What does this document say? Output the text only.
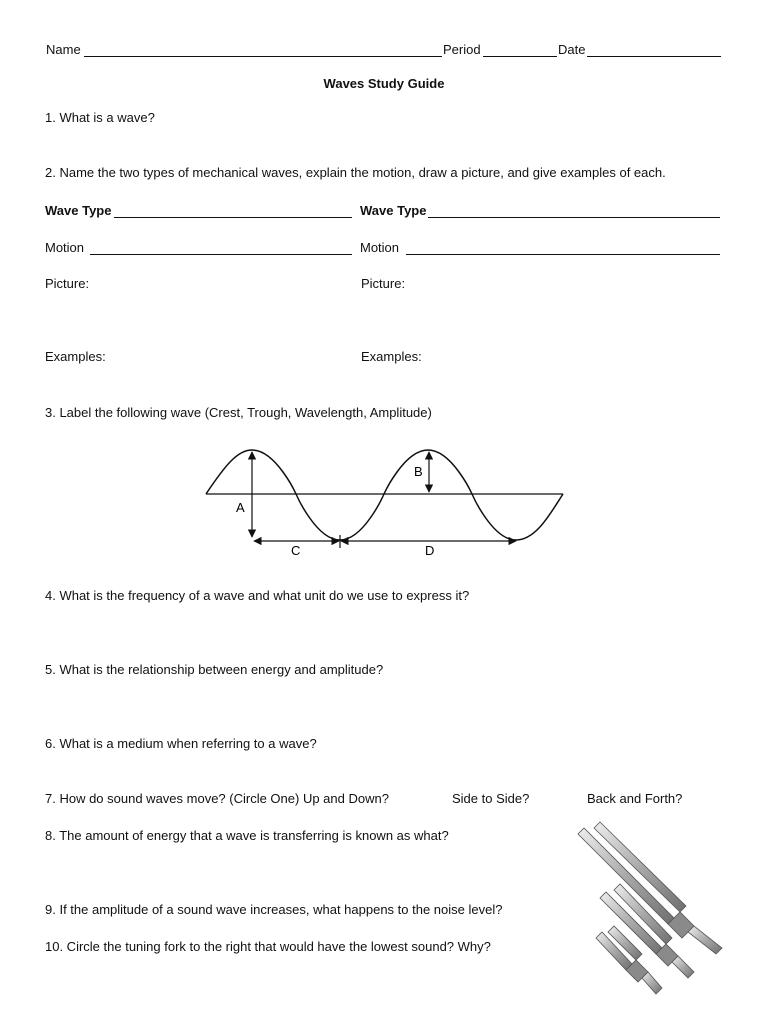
Name	Period	Date
Waves Study Guide
1. What is a wave?
2. Name the two types of mechanical waves, explain the motion, draw a picture, and give examples of each.
Wave Type	Wave Type
Motion	Motion
Picture:	Picture:
Examples:	Examples:
3. Label the following wave (Crest, Trough, Wavelength, Amplitude)
A
B
C	D
4. What is the frequency of a wave and what unit do we use to express it?
5. What is the relationship between energy and amplitude?
6. What is a medium when referring to a wave?
7. How do sound waves move? (Circle One) Up and Down?	Side to Side?	Back and Forth?
8. The amount of energy that a wave is transferring is known as what?
9. If the amplitude of a sound wave increases, what happens to the noise level?
10. Circle the tuning fork to the right that would have the lowest sound? Why?
